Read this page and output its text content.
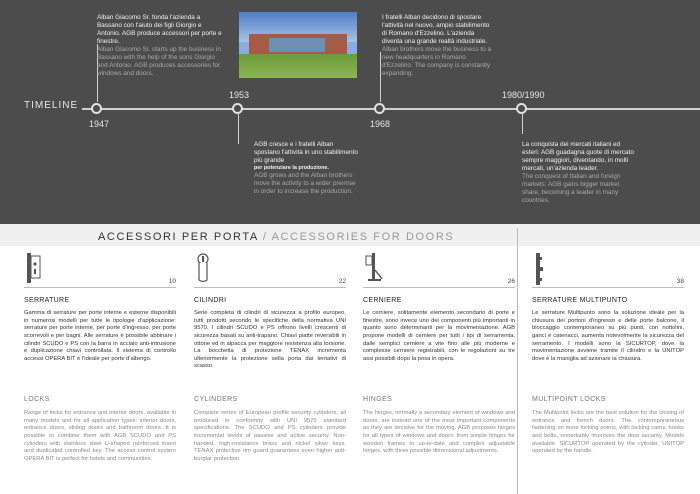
TIMELINE
1947
Alban Giacomo Sr. fonda l'azienda a Bassano con l'aiuto dei figli Giorgio e Antonio. AGB produce accessori per porte e finestre.
Alban Giacomo Sr. starts up the business in Bassano with the help of the sons Giorgio and Antonio. AGB produces accessories for windows and doors.
1953
AGB cresce e i fratelli Alban spostano l'attività in uno stabilimento più grande
per potenziare la produzione.
AGB grows and the Alban brothers move the activity to a wider premise in order to increase the production.
1968
I fratelli Alban decidono di spostare l'attività nel nuovo, ampio stabilimento di Romano d'Ezzelino. L'azienda diventa una grande realtà industriale.
Alban brothers move the business to a new headquarters in Romano d'Ezzelino. The company is constantly expanding.
1980/1990
La conquista dei mercati italiani ed esteri: AGB guadagna quote di mercato sempre maggiori, diventando, in molti mercati, un'azienda leader.
The conquest of Italian and foreign markets: AGB gains bigger market share, becoming a leader in many countries.
ACCESSORI PER PORTA / ACCESSORIES FOR DOORS
10
SERRATURE
Gamma di serrature per porte interne e esterne disponibili in numerosi modelli per tutte le tipologie d'applicazione: serrature per porte interne, per porte d'ingresso, per porte scorrevoli e per bagni. Alle serrature è possibile abbinare i cilindri SCUDO e PS con la barra in acciaio anti-intrusione e duplicazione chiavi controllata. Il sistema di controllo accessi OPERA BIT è l'ideale per porte d'albergo.
LOCKS
Range of locks for entrance and interior doors, available in many models and for all application types: interior doors, entrance doors, sliding doors and bathroom doors. It is possible to combine them with AGB SCUDO and PS cylinders with stainless steel U-shaped reinforced insert and duplicated controlled key. The access control system OPERA BIT is perfect for hotels and communities.
22
CILINDRI
Serie completa di cilindri di sicurezza a profilo europeo, tutti prodotti secondo le specifiche della normativa UNI 9570. I cilindri SCUDO e PS offrono livelli crescenti di sicurezza basati su anti-trapano. Chiavi piatte reversibili in ottone ed in alpacca per maggiore resistenza alla torsione. La bocchetta di protezione TENAX incrementa ulteriormente la protezione sella porta dai tentativi di scasso.
CYLINDERS
Complete series of European profile security cylinders, all produced in conformity with UNI 9570 standard specifications. The SCUDO and PS cylinders provide incremental levels of passive and active security. Non-handed, high-resistance brass and nickel silver keys. TENAX protective rim guard guarantees even higher anti-burglar protection.
26
CERNIERE
Le cerniere, solitamente elemento secondario di porte e finestre, sono invece uno dei componenti più importanti in quanto sono determinanti per la movimentazione. AGB propone modelli di cerniere per tutti i tipi di serramenta, dalle semplici cerniere a vite fino alle più moderne e complesse cerniere registrabili, con le regolazioni su tre assi possibili dopo la posa in opera.
HINGES
The hinges, normally a secondary element of windows and doors, are instead one of the most important components as they are decisive for the moving. AGB proposes hinges for all types of windows and doors: from simple hinges for wooden frames to up-to-date and complex adjustable hinges, with three possible dimensional adjustments.
38
SERRATURE MULTIPUNTO
Le serrature Multipunto sono la soluzione ideale per la chiusura dei portoni d'ingresso e delle porte balcone, il bloccaggio contemporaneo su più punti, con nottolini, ganci e catenacci, aumenta notevolmente la sicurezza del serramento. I modelli sono la SICURTOP, dove la movimentazione avviene tramite il cilindro e la UNITOP dove è la maniglia ad azionare la chiusura.
MULTIPOINT LOCKS
The Multipoint locks are the best solution for the closing of entrance and french doors. The contemporaneous fastening on more locking points, with locking cams, hooks and bolts, remarkably improves the door security. Models available: SICURTOP operated by the cylinder, UNITOP operated by the handle.
